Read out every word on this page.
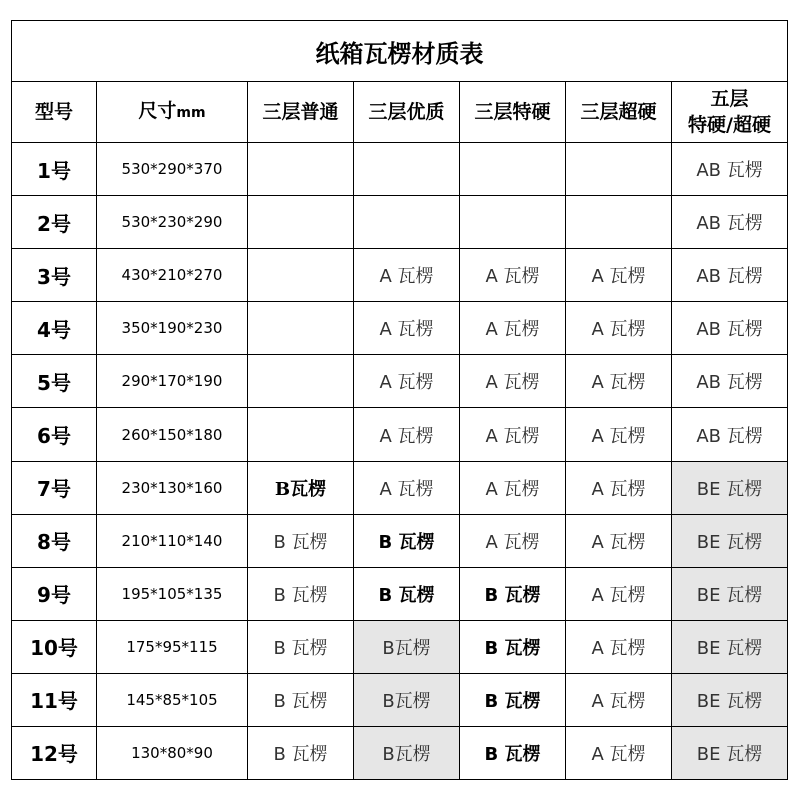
纸箱瓦楞材质表						
型号	尺寸mm	三层普通	三层优质	三层特硬	三层超硬	五层
特硬/超硬

1号	530*290*370					AB 瓦楞
2号	530*230*290					AB 瓦楞
3号	430*210*270		A 瓦楞	A 瓦楞	A 瓦楞	AB 瓦楞
4号	350*190*230		A 瓦楞	A 瓦楞	A 瓦楞	AB 瓦楞
5号	290*170*190		A 瓦楞	A 瓦楞	A 瓦楞	AB 瓦楞
6号	260*150*180		A 瓦楞	A 瓦楞	A 瓦楞	AB 瓦楞
7号	230*130*160	B瓦楞	A 瓦楞	A 瓦楞	A 瓦楞	BE 瓦楞
8号	210*110*140	B 瓦楞	B 瓦楞	A 瓦楞	A 瓦楞	BE 瓦楞
9号	195*105*135	B 瓦楞	B 瓦楞	B 瓦楞	A 瓦楞	BE 瓦楞
10号	175*95*115	B 瓦楞	B瓦楞	B 瓦楞	A 瓦楞	BE 瓦楞
11号	145*85*105	B 瓦楞	B瓦楞	B 瓦楞	A 瓦楞	BE 瓦楞
12号	130*80*90	B 瓦楞	B瓦楞	B 瓦楞	A 瓦楞	BE 瓦楞
